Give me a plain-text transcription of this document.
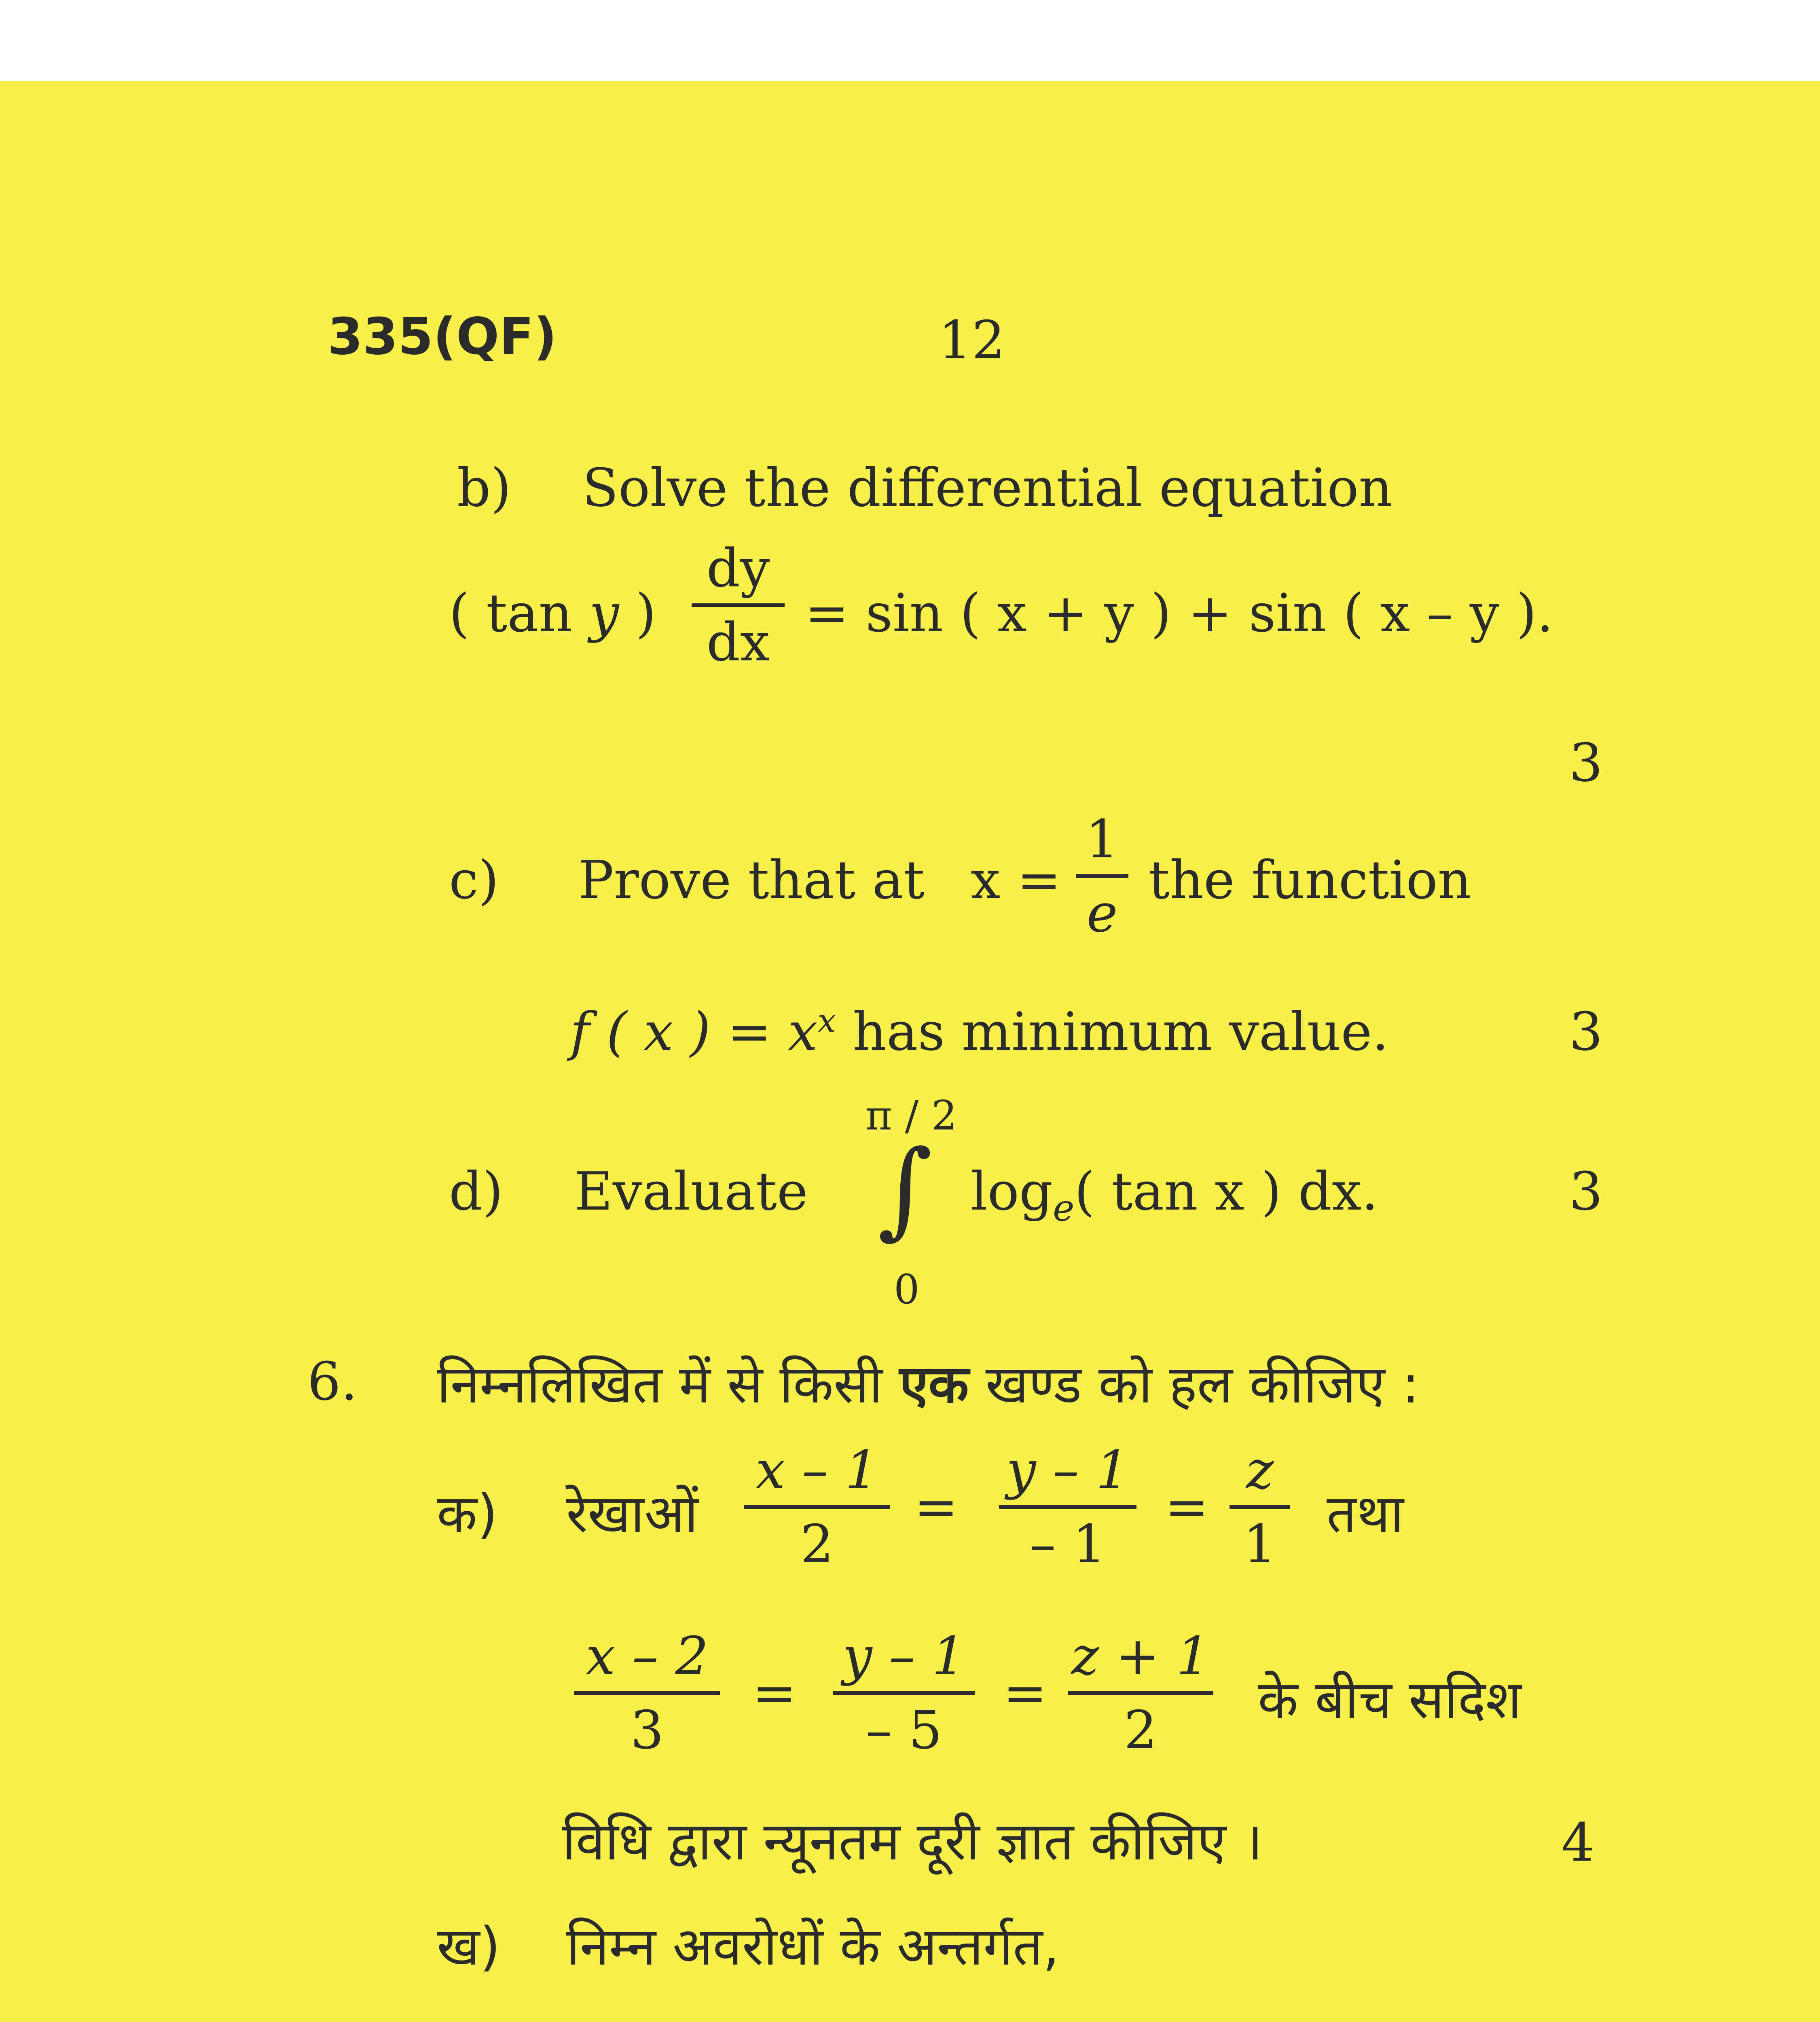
335(QF)	12
b) Solve the differential equation
( tan y )
dy
dx = sin ( x + y ) + sin ( x – y ).
3
c) Prove that at x =
1
e
the function
f ( x ) = $x^x$ has minimum value.	3
d) Evaluate
π / 2
∫
0
$\log_e$( tan x ) dx.	3
6. निम्नलिखित में से किसी एक खण्ड को हल कीजिए :
क) रेखाओं
x – 1
2
=
y – 1
– 1
=
z
1 तथा
x – 2
3
=
y – 1
– 5
=
z + 1
2	के बीच सदिश
विधि द्वारा न्यूनतम दूरी ज्ञात कीजिए ।	4
ख) निम्न अवरोधों के अन्तर्गत,
